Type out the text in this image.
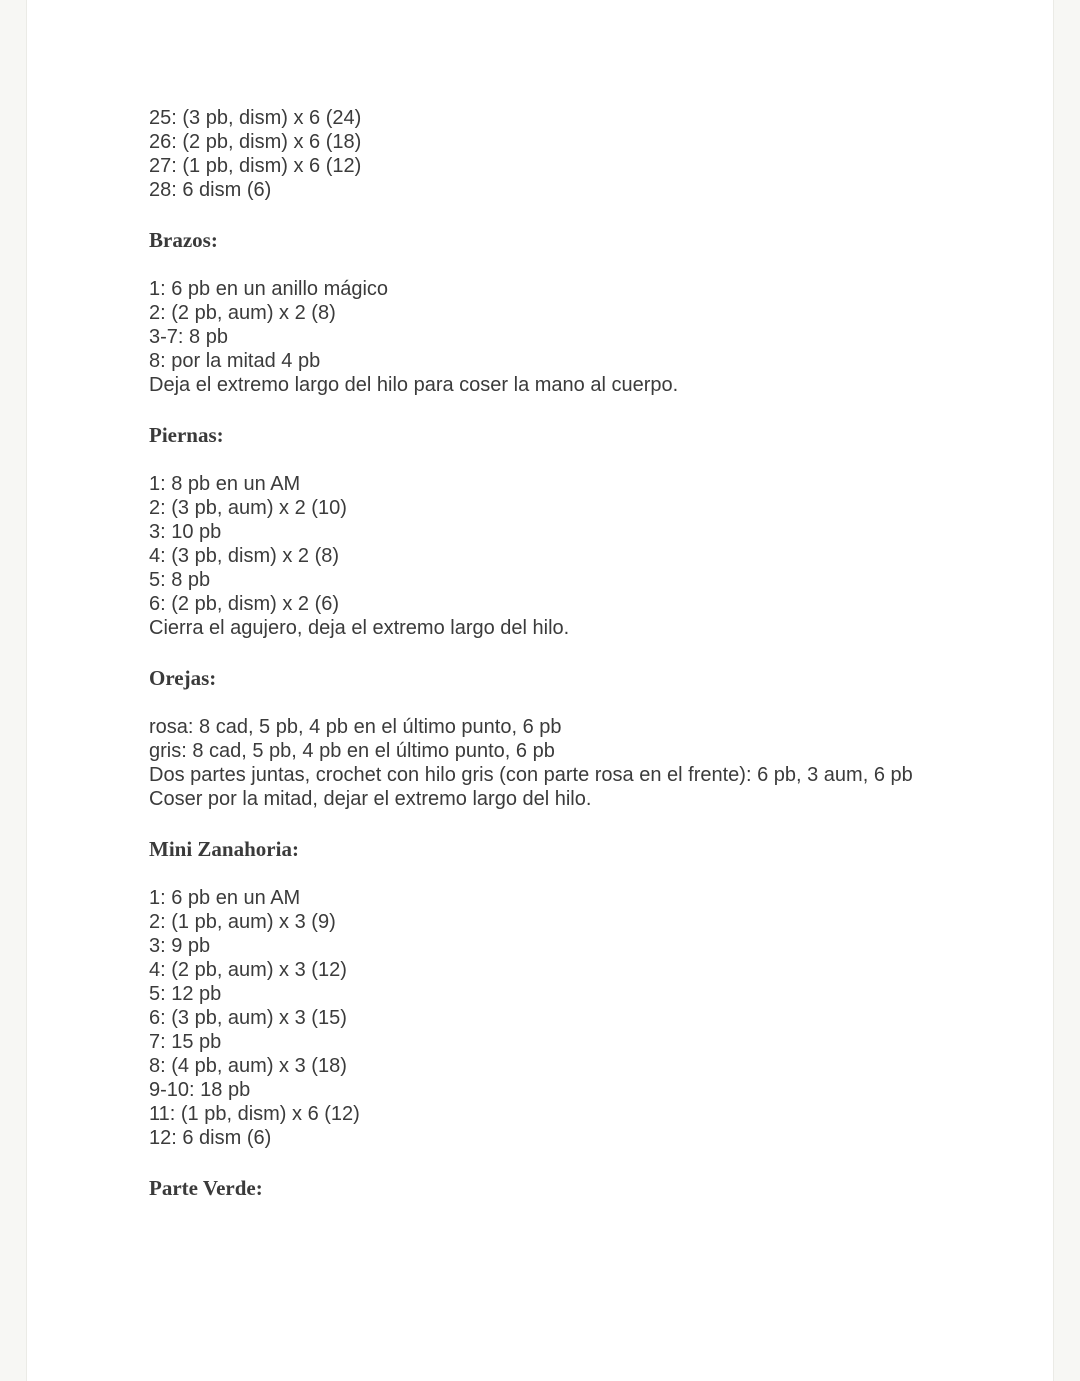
25: (3 pb, dism) x 6 (24)
26: (2 pb, dism) x 6 (18)
27: (1 pb, dism) x 6 (12)
28: 6 dism (6)
Brazos:
1: 6 pb en un anillo mágico
2: (2 pb, aum) x 2 (8)
3-7: 8 pb
8: por la mitad 4 pb
Deja el extremo largo del hilo para coser la mano al cuerpo.
Piernas:
1: 8 pb en un AM
2: (3 pb, aum) x 2 (10)
3: 10 pb
4: (3 pb, dism) x 2 (8)
5: 8 pb
6: (2 pb, dism) x 2 (6)
Cierra el agujero, deja el extremo largo del hilo.
Orejas:
rosa: 8 cad, 5 pb, 4 pb en el último punto, 6 pb
gris: 8 cad, 5 pb, 4 pb en el último punto, 6 pb
Dos partes juntas, crochet con hilo gris (con parte rosa en el frente): 6 pb, 3 aum, 6 pb
Coser por la mitad, dejar el extremo largo del hilo.
Mini Zanahoria:
1: 6 pb en un AM
2: (1 pb, aum) x 3 (9)
3: 9 pb
4: (2 pb, aum) x 3 (12)
5: 12 pb
6: (3 pb, aum) x 3 (15)
7: 15 pb
8: (4 pb, aum) x 3 (18)
9-10: 18 pb
11: (1 pb, dism) x 6 (12)
12: 6 dism (6)
Parte Verde:
